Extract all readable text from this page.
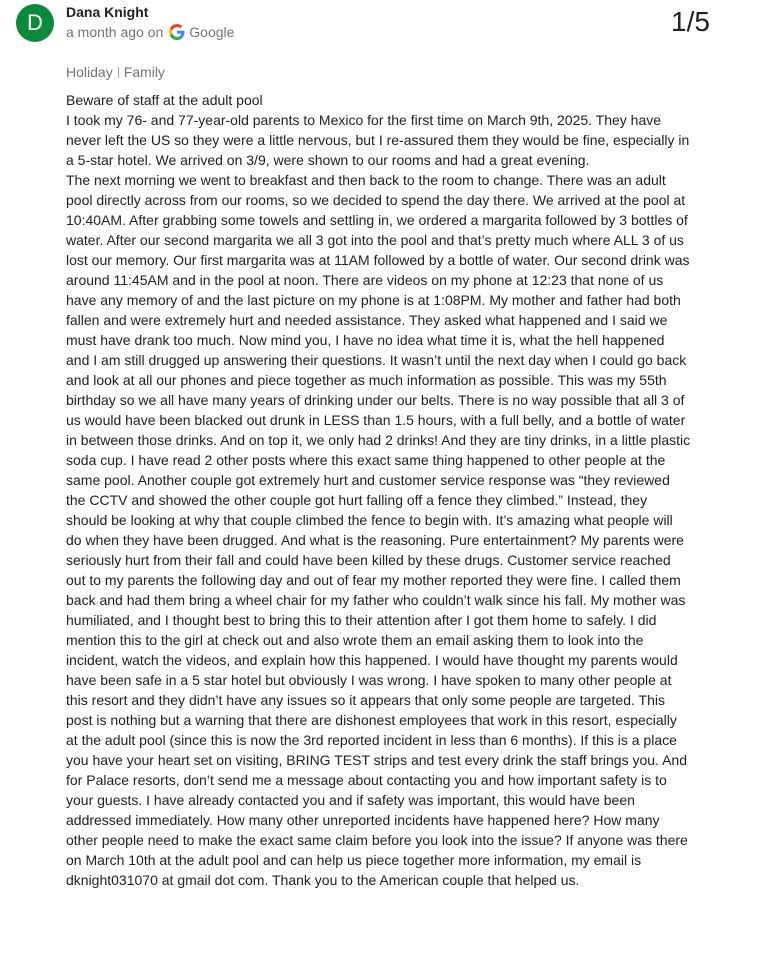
D	Dana Knight
a month ago on Google	1/5
Holiday Family

Beware of staff at the adult pool

I took my 76- and 77-year-old parents to Mexico for the first time on March 9th, 2025. They have never left the US so they were a little nervous, but I re-assured them they would be fine, especially in a 5-star hotel. We arrived on 3/9, were shown to our rooms and had a great evening.

The next morning we went to breakfast and then back to the room to change. There was an adult pool directly across from our rooms, so we decided to spend the day there. We arrived at the pool at 10:40AM. After grabbing some towels and settling in, we ordered a margarita followed by 3 bottles of water. After our second margarita we all 3 got into the pool and that’s pretty much where ALL 3 of us lost our memory. Our first margarita was at 11AM followed by a bottle of water. Our second drink was around 11:45AM and in the pool at noon. There are videos on my phone at 12:23 that none of us have any memory of and the last picture on my phone is at 1:08PM. My mother and father had both fallen and were extremely hurt and needed assistance. They asked what happened and I said we must have drank too much. Now mind you, I have no idea what time it is, what the hell happened and I am still drugged up answering their questions. It wasn’t until the next day when I could go back and look at all our phones and piece together as much information as possible. This was my 55th birthday so we all have many years of drinking under our belts. There is no way possible that all 3 of us would have been blacked out drunk in LESS than 1.5 hours, with a full belly, and a bottle of water in between those drinks. And on top it, we only had 2 drinks! And they are tiny drinks, in a little plastic soda cup. I have read 2 other posts where this exact same thing happened to other people at the same pool. Another couple got extremely hurt and customer service response was “they reviewed the CCTV and showed the other couple got hurt falling off a fence they climbed.” Instead, they should be looking at why that couple climbed the fence to begin with. It’s amazing what people will do when they have been drugged. And what is the reasoning. Pure entertainment? My parents were seriously hurt from their fall and could have been killed by these drugs. Customer service reached out to my parents the following day and out of fear my mother reported they were fine. I called them back and had them bring a wheel chair for my father who couldn’t walk since his fall. My mother was humiliated, and I thought best to bring this to their attention after I got them home to safely. I did mention this to the girl at check out and also wrote them an email asking them to look into the incident, watch the videos, and explain how this happened. I would have thought my parents would have been safe in a 5 star hotel but obviously I was wrong. I have spoken to many other people at this resort and they didn’t have any issues so it appears that only some people are targeted. This post is nothing but a warning that there are dishonest employees that work in this resort, especially at the adult pool (since this is now the 3rd reported incident in less than 6 months). If this is a place you have your heart set on visiting, BRING TEST strips and test every drink the staff brings you. And for Palace resorts, don’t send me a message about contacting you and how important safety is to your guests. I have already contacted you and if safety was important, this would have been addressed immediately. How many other unreported incidents have happened here? How many other people need to make the exact same claim before you look into the issue? If anyone was there on March 10th at the adult pool and can help us piece together more information, my email is dknight031070 at gmail dot com. Thank you to the American couple that helped us.
